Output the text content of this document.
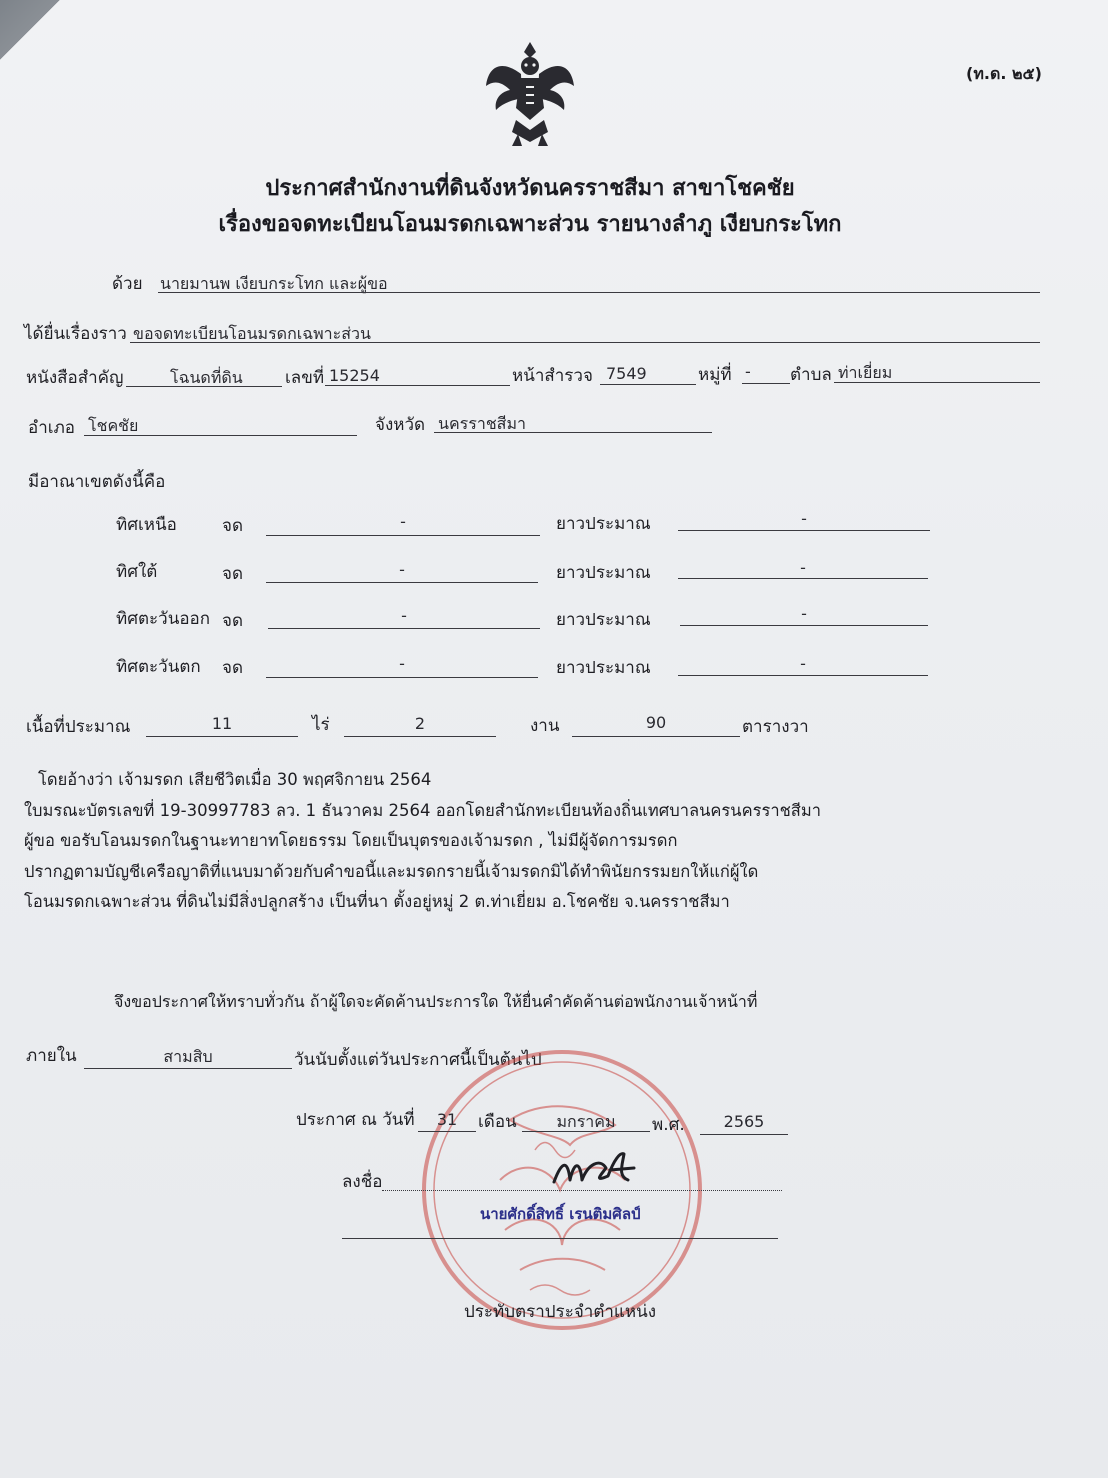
(ท.ด. ๒๕)
ประกาศสำนักงานที่ดินจังหวัดนครราชสีมา สาขาโชคชัย
เรื่องขอจดทะเบียนโอนมรดกเฉพาะส่วน รายนางลำภู เงียบกระโทก
ด้วย นายมานพ เงียบกระโทก และผู้ขอ
ได้ยื่นเรื่องราว ขอจดทะเบียนโอนมรดกเฉพาะส่วน
หนังสือสำคัญ	โฉนดที่ดิน เลขที่ 15254	หน้าสำรวจ 7549	หมู่ที่ - ตำบล ท่าเยี่ยม
อำเภอ โชคชัย	จังหวัด นครราชสีมา
มีอาณาเขตดังนี้คือ
ทิศเหนือ	จด	-	ยาวประมาณ	-
ทิศใต้	จด	-	ยาวประมาณ	-
ทิศตะวันออก จด	-	ยาวประมาณ	-
ทิศตะวันตก จด	-	ยาวประมาณ	-
เนื้อที่ประมาณ	11	ไร่	2	งาน	90	ตารางวา
โดยอ้างว่า เจ้ามรดก เสียชีวิตเมื่อ 30 พฤศจิกายน 2564
ใบมรณะบัตรเลขที่ 19-30997783 ลว. 1 ธันวาคม 2564 ออกโดยสำนักทะเบียนท้องถิ่นเทศบาลนครนครราชสีมา
ผู้ขอ ขอรับโอนมรดกในฐานะทายาทโดยธรรม โดยเป็นบุตรของเจ้ามรดก , ไม่มีผู้จัดการมรดก
ปรากฏตามบัญชีเครือญาติที่แนบมาด้วยกับคำขอนี้และมรดกรายนี้เจ้ามรดกมิได้ทำพินัยกรรมยกให้แก่ผู้ใด
โอนมรดกเฉพาะส่วน ที่ดินไม่มีสิ่งปลูกสร้าง เป็นที่นา ตั้งอยู่หมู่ 2 ต.ท่าเยี่ยม อ.โชคชัย จ.นครราชสีมา
จึงขอประกาศให้ทราบทั่วกัน ถ้าผู้ใดจะคัดค้านประการใด ให้ยื่นคำคัดค้านต่อพนักงานเจ้าหน้าที่
ภายใน	สามสิบ	วันนับตั้งแต่วันประกาศนี้เป็นต้นไป
ประกาศ ณ วันที่	31	เดือน	มกราคม	พ.ศ.	2565
ลงชื่อ
นายศักดิ์สิทธิ์ เรนติมศิลป์
ประทับตราประจำตำแหน่ง
